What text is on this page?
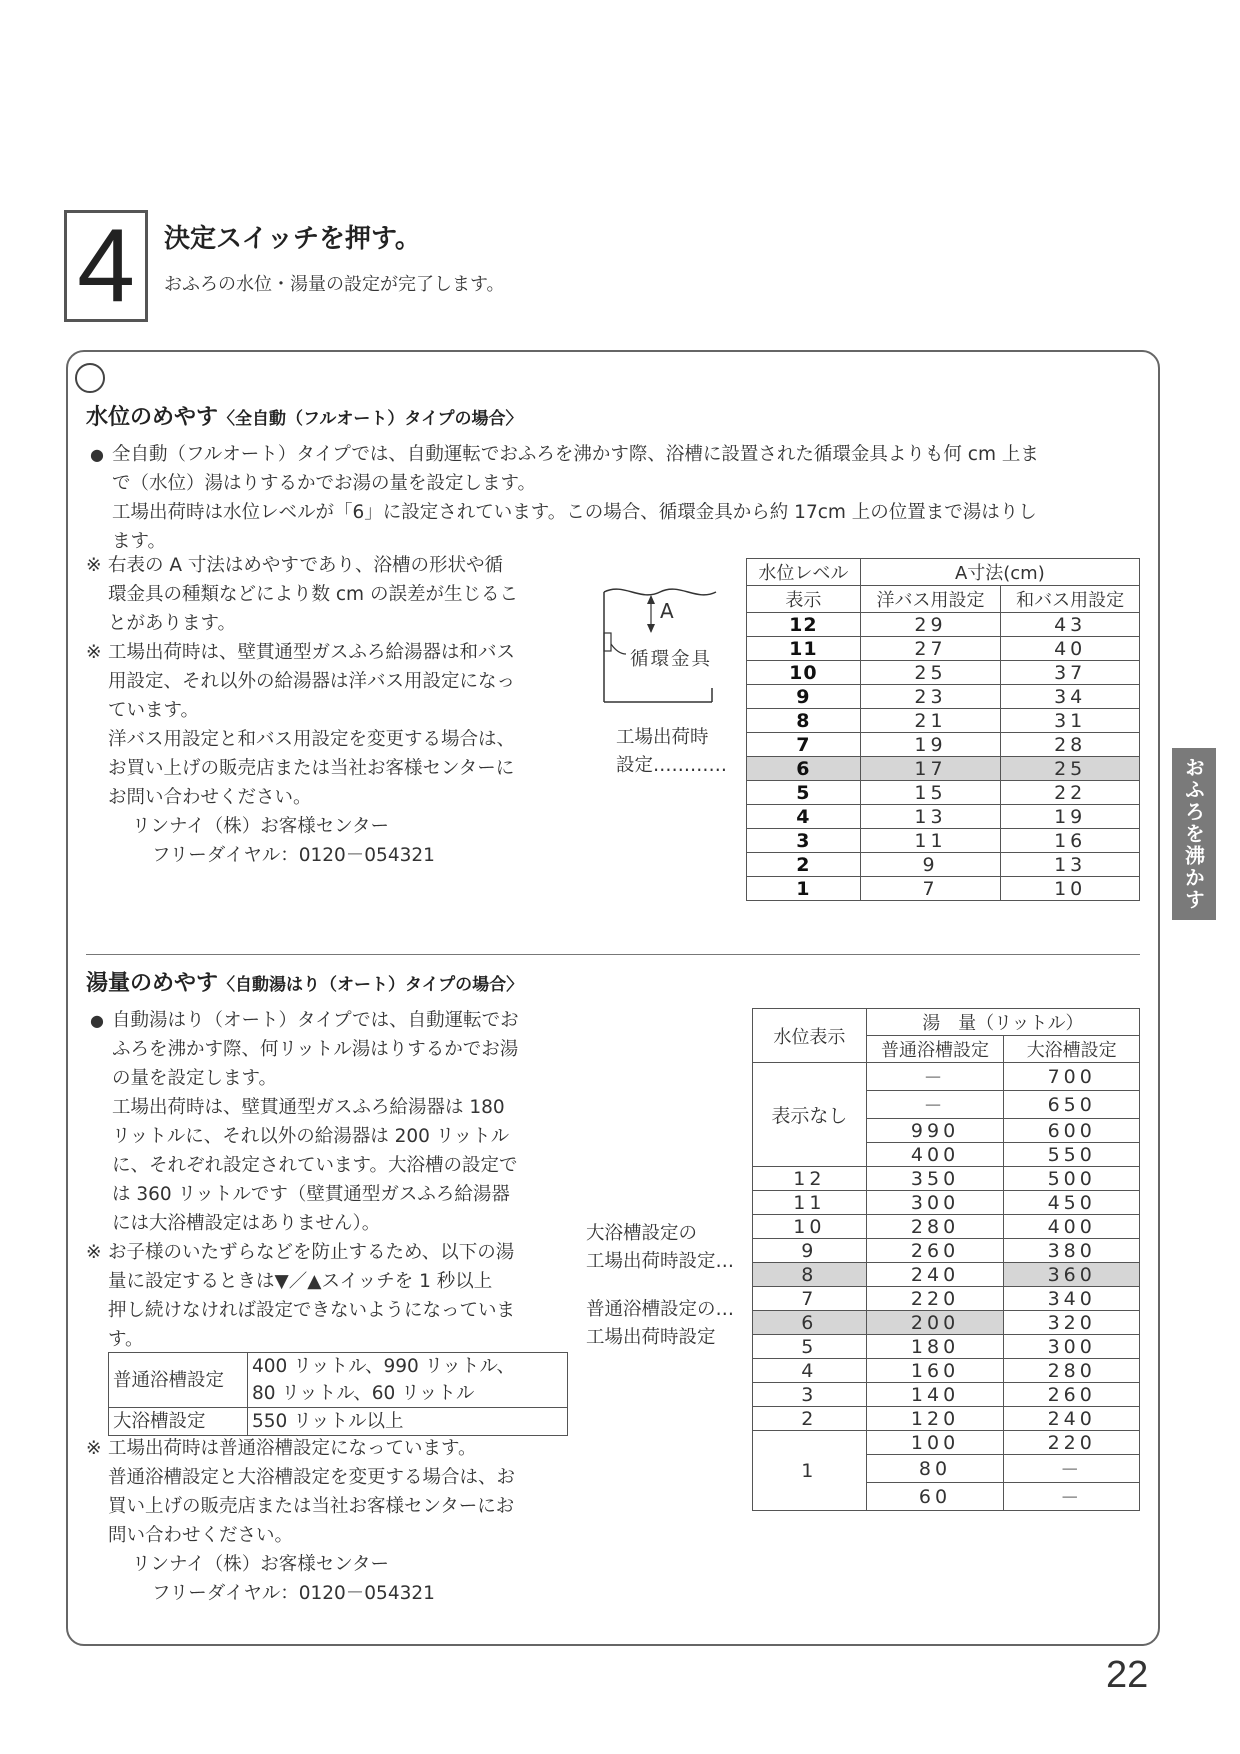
4 決定スイッチを押す。
おふろの水位・湯量の設定が完了します。
水位のめやす〈全自動（フルオート）タイプの場合〉

● 全自動（フルオート）タイプでは、自動運転でおふろを沸かす際、浴槽に設置された循環金具よりも何 cm 上ま

で（水位）湯はりするかでお湯の量を設定します。

工場出荷時は水位レベルが「6」に設定されています。この場合、循環金具から約 17cm 上の位置まで湯はりし

ます。

※ 右表の A 寸法はめやすであり、浴槽の形状や循

環金具の種類などにより数 cm の誤差が生じるこ

とがあります。

※ 工場出荷時は、壁貫通型ガスふろ給湯器は和バス

用設定、それ以外の給湯器は洋バス用設定になっ

ています。

洋バス用設定と和バス用設定を変更する場合は、

お買い上げの販売店または当社お客様センターに

お問い合わせください。

リンナイ（株）お客様センター

フリーダイヤル：0120－054321

A
循環金具
工場出荷時
設定…………
水位レベル	A寸法(cm)	
表示	洋バス用設定	和バス用設定
12	29	43
11	27	40
10	25	37
9	23	34
8	21	31
7	19	28
6	17	25
5	15	22
4	13	19
3	11	16
2	9	13
1	7	10
湯量のめやす〈自動湯はり（オート）タイプの場合〉

● 自動湯はり（オート）タイプでは、自動運転でお

ふろを沸かす際、何リットル湯はりするかでお湯

の量を設定します。

工場出荷時は、壁貫通型ガスふろ給湯器は 180

リットルに、それ以外の給湯器は 200 リットル

に、それぞれ設定されています。大浴槽の設定で

は 360 リットルです（壁貫通型ガスふろ給湯器

には大浴槽設定はありません）。

※ お子様のいたずらなどを防止するため、以下の湯

量に設定するときは▼／▲スイッチを 1 秒以上

押し続けなければ設定できないようになっていま

す。

普通浴槽設定	400 リットル、990 リットル、
80 リットル、60 リットル

大浴槽設定	550 リットル以上

※ 工場出荷時は普通浴槽設定になっています。

普通浴槽設定と大浴槽設定を変更する場合は、お

買い上げの販売店または当社お客様センターにお

問い合わせください。

リンナイ（株）お客様センター

フリーダイヤル：0120－054321

大浴槽設定の
工場出荷時設定…
普通浴槽設定の…
工場出荷時設定
水位表示	湯　量（リットル）	
	普通浴槽設定	大浴槽設定
表示なし	－	700
	－	650
	990	600
	400	550
12	350	500
11	300	450
10	280	400
9	260	380
8	240	360
7	220	340
6	200	320
5	180	300
4	160	280
3	140	260
2	120	240
1	100	220
	80	－
	60	－
おふろを沸かす
22
